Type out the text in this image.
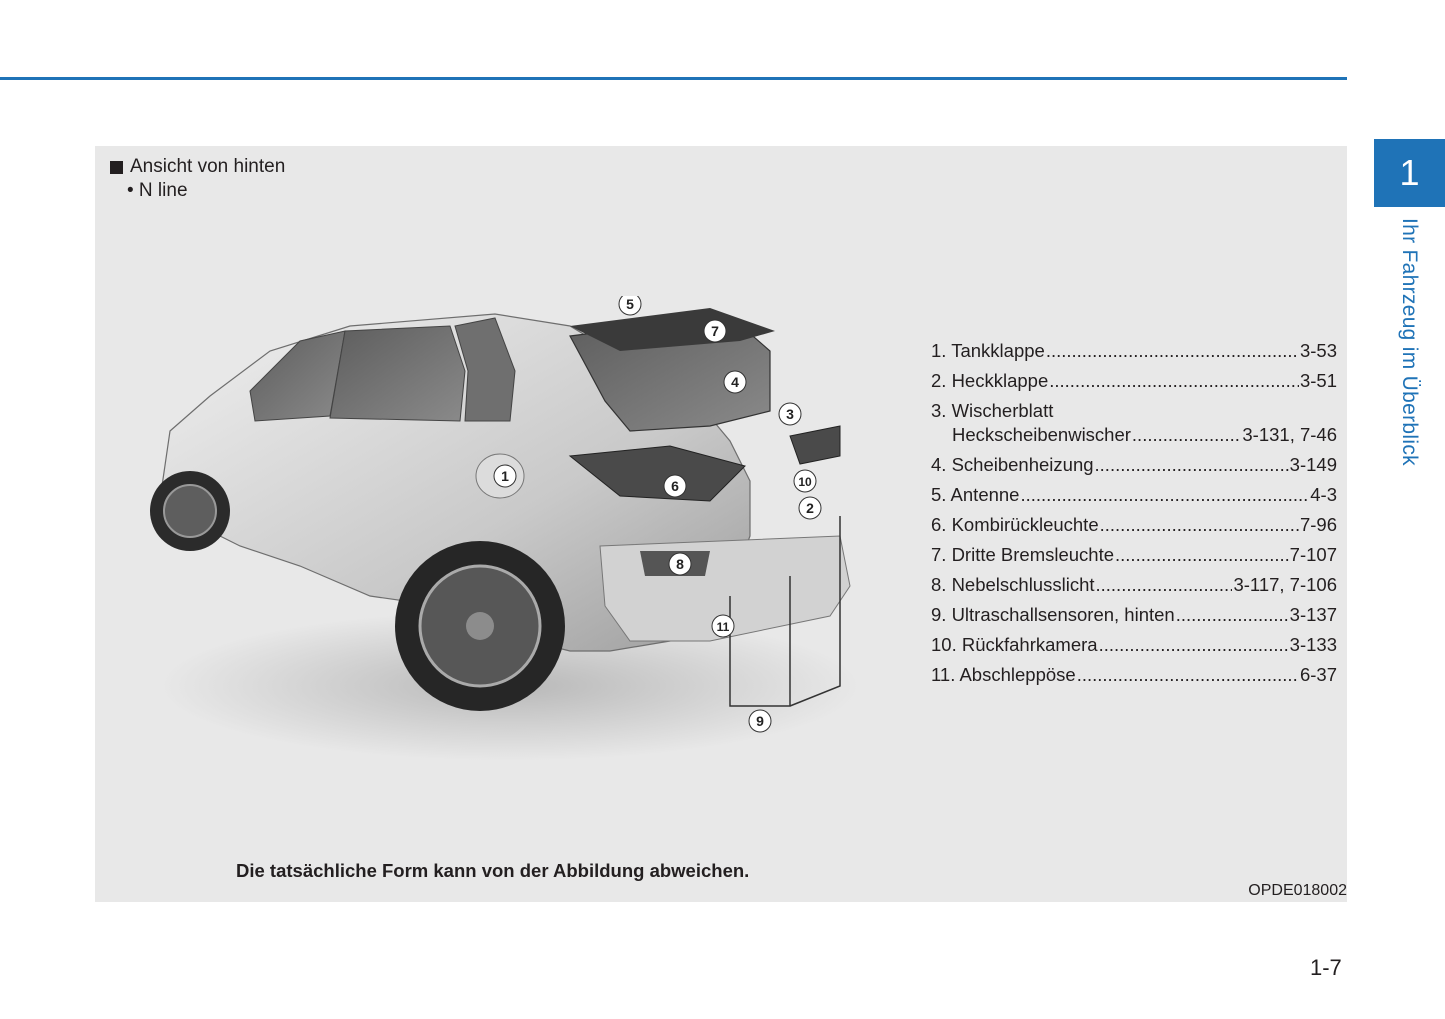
1
Ihr Fahrzeug im Überblick
Ansicht von hinten
• N line
1
2
3
4
5
6
7
8
9
10
11
1. Tankklappe .....	3-53
2. Heckklappe .....	3-51
3. Wischerblatt
Heckscheibenwischer .....	3-131, 7-46
4. Scheibenheizung .....	3-149
5. Antenne .....	4-3
6. Kombirückleuchte .....	7-96
7. Dritte Bremsleuchte .....	7-107
8. Nebelschlusslicht .....	3-117, 7-106
9. Ultraschallsensoren, hinten .....	3-137
10. Rückfahrkamera .....	3-133
11. Abschleppöse .....	6-37
Die tatsächliche Form kann von der Abbildung abweichen.
OPDE018002
1-7
